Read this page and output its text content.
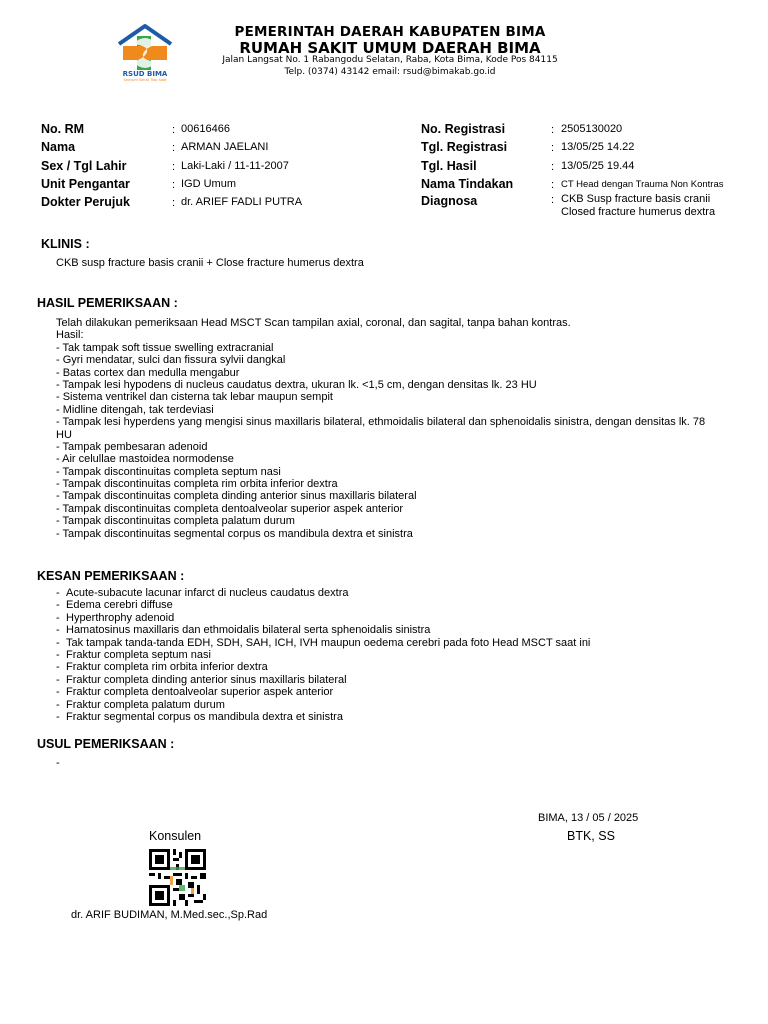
RSUD BIMA
Senyum Sehat Tiap Saat
PEMERINTAH DAERAH KABUPATEN BIMA
RUMAH SAKIT UMUM DAERAH BIMA
Jalan Langsat No. 1 Rabangodu Selatan, Raba, Kota Bima, Kode Pos 84115
Telp. (0374) 43142 email: rsud@bimakab.go.id
No. RM	: 00616466
Nama	: ARMAN JAELANI
Sex / Tgl Lahir	: Laki-Laki / 11-11-2007
Unit Pengantar	: IGD Umum
Dokter Perujuk	: dr. ARIEF FADLI PUTRA
No. Registrasi	: 2505130020
Tgl. Registrasi	: 13/05/25 14.22
Tgl. Hasil	: 13/05/25 19.44
Nama Tindakan	: CT Head dengan Trauma Non Kontras
Diagnosa	: CKB Susp fracture basis cranii
Closed fracture humerus dextra
KLINIS :
CKB susp fracture basis cranii + Close fracture humerus dextra
HASIL PEMERIKSAAN :
Telah dilakukan pemeriksaan Head MSCT Scan tampilan axial, coronal, dan sagital, tanpa bahan kontras.
Hasil:
- Tak tampak soft tissue swelling extracranial
- Gyri mendatar, sulci dan fissura sylvii dangkal
- Batas cortex dan medulla mengabur
- Tampak lesi hypodens di nucleus caudatus dextra, ukuran lk. <1,5 cm, dengan densitas lk. 23 HU
- Sistema ventrikel dan cisterna tak lebar maupun sempit
- Midline ditengah, tak terdeviasi
- Tampak lesi hyperdens yang mengisi sinus maxillaris bilateral, ethmoidalis bilateral dan sphenoidalis sinistra, dengan densitas lk. 78
HU
- Tampak pembesaran adenoid
- Air celullae mastoidea normodense
- Tampak discontinuitas completa septum nasi
- Tampak discontinuitas completa rim orbita inferior dextra
- Tampak discontinuitas completa dinding anterior sinus maxillaris bilateral
- Tampak discontinuitas completa dentoalveolar superior aspek anterior
- Tampak discontinuitas completa palatum durum
- Tampak discontinuitas segmental corpus os mandibula dextra et sinistra
KESAN PEMERIKSAAN :
-
-
-
-
-
-
-
-
-
-
-
Acute-subacute lacunar infarct di nucleus caudatus dextra
Edema cerebri diffuse
Hyperthrophy adenoid
Hamatosinus maxillaris dan ethmoidalis bilateral serta sphenoidalis sinistra
Tak tampak tanda-tanda EDH, SDH, SAH, ICH, IVH maupun oedema cerebri pada foto Head MSCT saat ini
Fraktur completa septum nasi
Fraktur completa rim orbita inferior dextra
Fraktur completa dinding anterior sinus maxillaris bilateral
Fraktur completa dentoalveolar superior aspek anterior
Fraktur completa palatum durum
Fraktur segmental corpus os mandibula dextra et sinistra
USUL PEMERIKSAAN :
-
BIMA, 13 / 05 / 2025
BTK, SS
Konsulen
dr. ARIF BUDIMAN, M.Med.sec.,Sp.Rad
